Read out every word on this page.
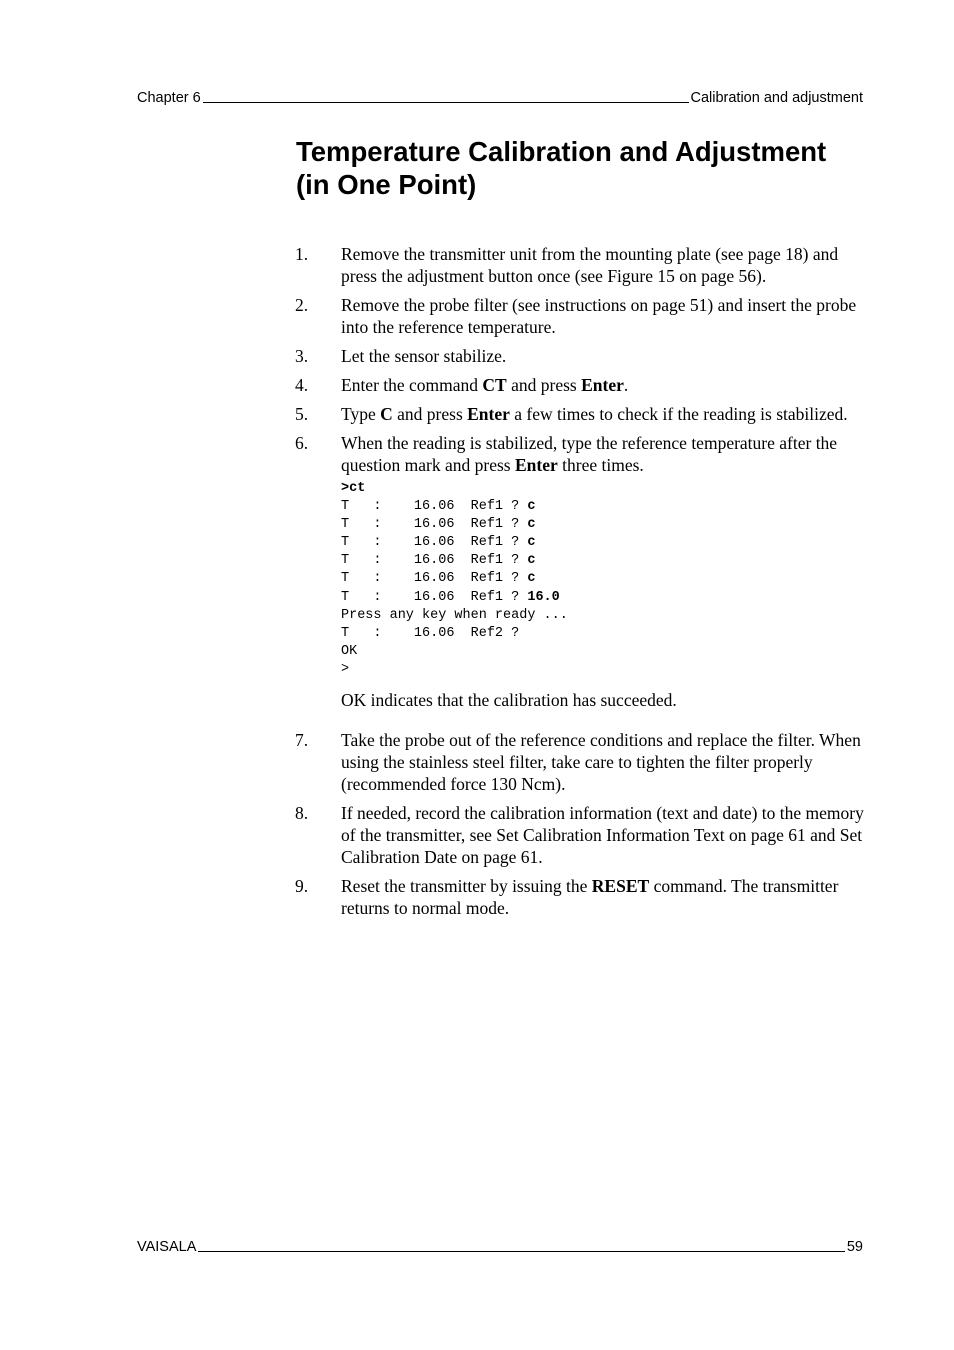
Chapter 6	Calibration and adjustment
Temperature Calibration and Adjustment
(in One Point)
1.	Remove the transmitter unit from the mounting plate (see page 18) and press the adjustment button once (see Figure 15 on page 56).
2.	Remove the probe filter (see instructions on page 51) and insert the probe into the reference temperature.
3.	Let the sensor stabilize.
4.	Enter the command CT and press Enter.
5.	Type C and press Enter a few times to check if the reading is stabilized.
6.	When the reading is stabilized, type the reference temperature after the question mark and press Enter three times.
>ct
T   :    16.06  Ref1 ? c
T   :    16.06  Ref1 ? c
T   :    16.06  Ref1 ? c
T   :    16.06  Ref1 ? c
T   :    16.06  Ref1 ? c
T   :    16.06  Ref1 ? 16.0
Press any key when ready ...
T   :    16.06  Ref2 ?
OK
>

OK indicates that the calibration has succeeded.

7.	Take the probe out of the reference conditions and replace the filter. When using the stainless steel filter, take care to tighten the filter properly (recommended force 130 Ncm).
8.	If needed, record the calibration information (text and date) to the memory of the transmitter, see Set Calibration Information Text on page 61 and Set Calibration Date on page 61.
9.	Reset the transmitter by issuing the RESET command. The transmitter returns to normal mode.
VAISALA	59
